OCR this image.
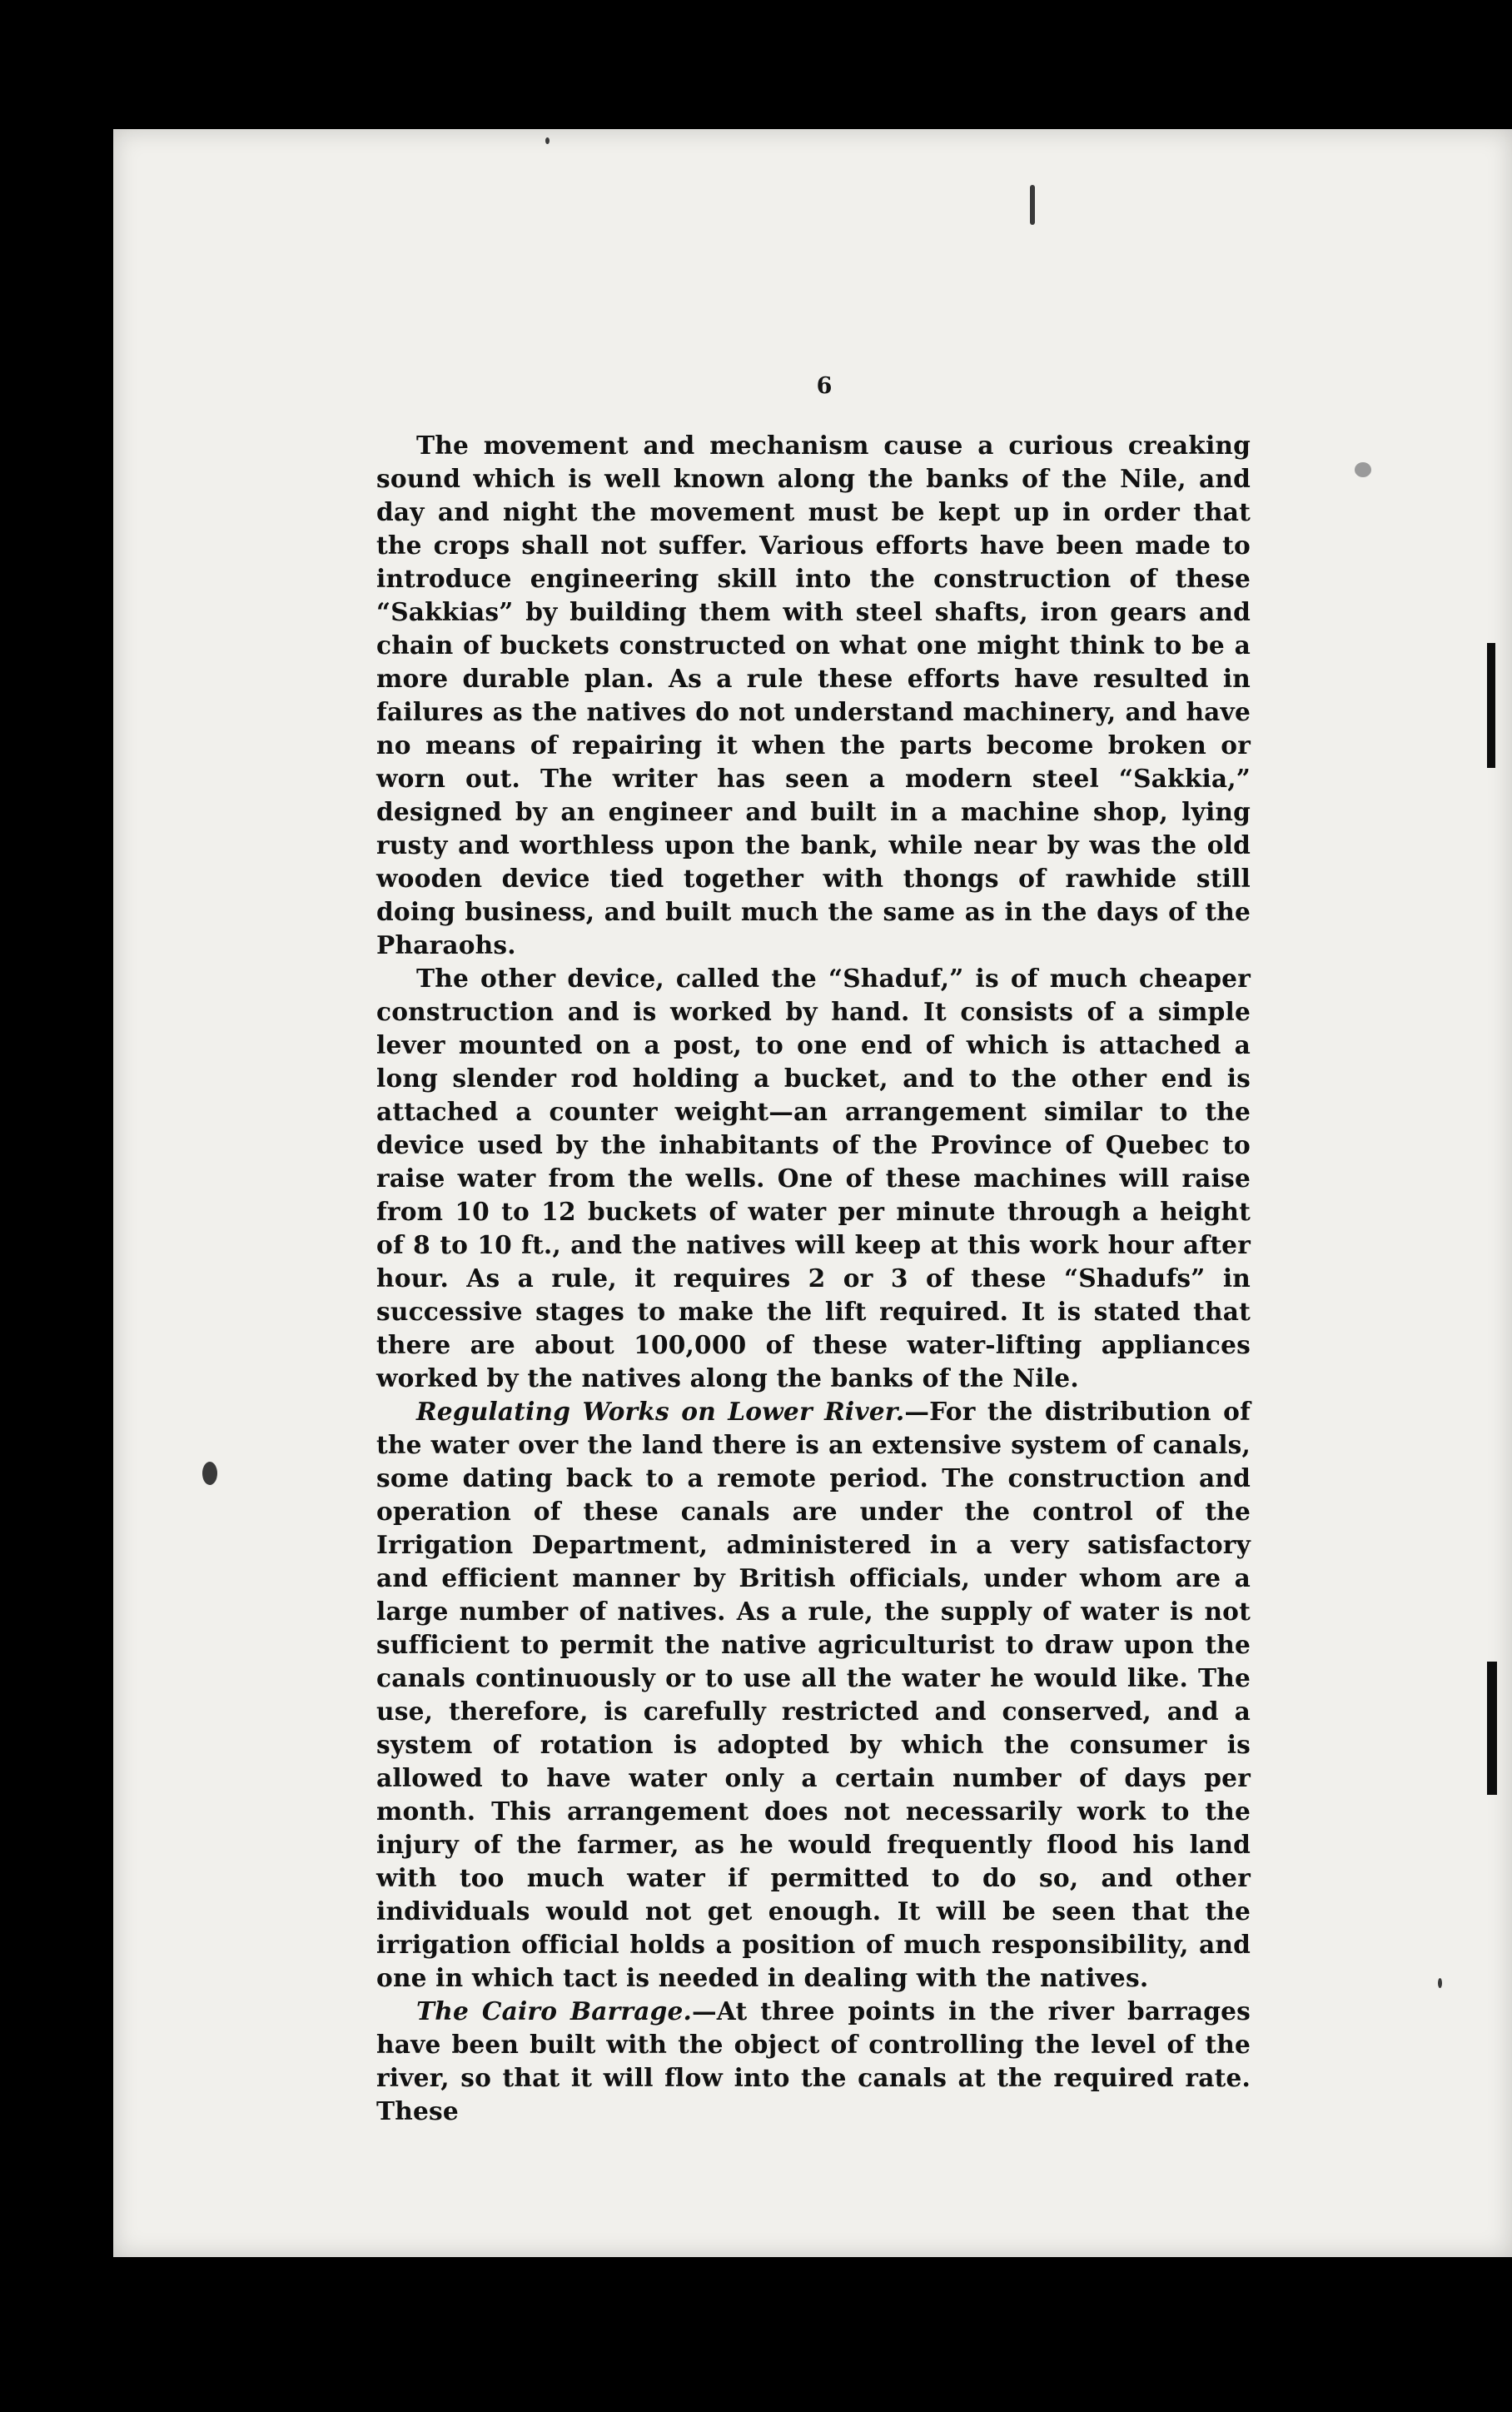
6

The movement and mechanism cause a curious creaking sound which is well known along the banks of the Nile, and day and night the movement must be kept up in order that the crops shall not suffer. Various efforts have been made to introduce engineering skill into the construction of these “Sakkias” by building them with steel shafts, iron gears and chain of buckets constructed on what one might think to be a more durable plan. As a rule these efforts have resulted in failures as the natives do not understand machinery, and have no means of repairing it when the parts become broken or worn out. The writer has seen a modern steel “Sakkia,” designed by an engineer and built in a machine shop, lying rusty and worthless upon the bank, while near by was the old wooden device tied together with thongs of rawhide still doing business, and built much the same as in the days of the Pharaohs.

The other device, called the “Shaduf,” is of much cheaper construction and is worked by hand. It consists of a simple lever mounted on a post, to one end of which is attached a long slender rod holding a bucket, and to the other end is attached a counter weight—an arrangement similar to the device used by the inhabitants of the Province of Quebec to raise water from the wells. One of these machines will raise from 10 to 12 buckets of water per minute through a height of 8 to 10 ft., and the natives will keep at this work hour after hour. As a rule, it requires 2 or 3 of these “Shadufs” in successive stages to make the lift required. It is stated that there are about 100,000 of these water-lifting appliances worked by the natives along the banks of the Nile.

Regulating Works on Lower River.—For the distribution of the water over the land there is an extensive system of canals, some dating back to a remote period. The construction and operation of these canals are under the control of the Irrigation Department, administered in a very satisfactory and efficient manner by British officials, under whom are a large number of natives. As a rule, the supply of water is not sufficient to permit the native agriculturist to draw upon the canals continuously or to use all the water he would like. The use, therefore, is carefully restricted and conserved, and a system of rotation is adopted by which the consumer is allowed to have water only a certain number of days per month. This arrangement does not necessarily work to the injury of the farmer, as he would frequently flood his land with too much water if permitted to do so, and other individuals would not get enough. It will be seen that the irrigation official holds a position of much responsibility, and one in which tact is needed in dealing with the natives.

The Cairo Barrage.—At three points in the river barrages have been built with the object of controlling the level of the river, so that it will flow into the canals at the required rate. These
